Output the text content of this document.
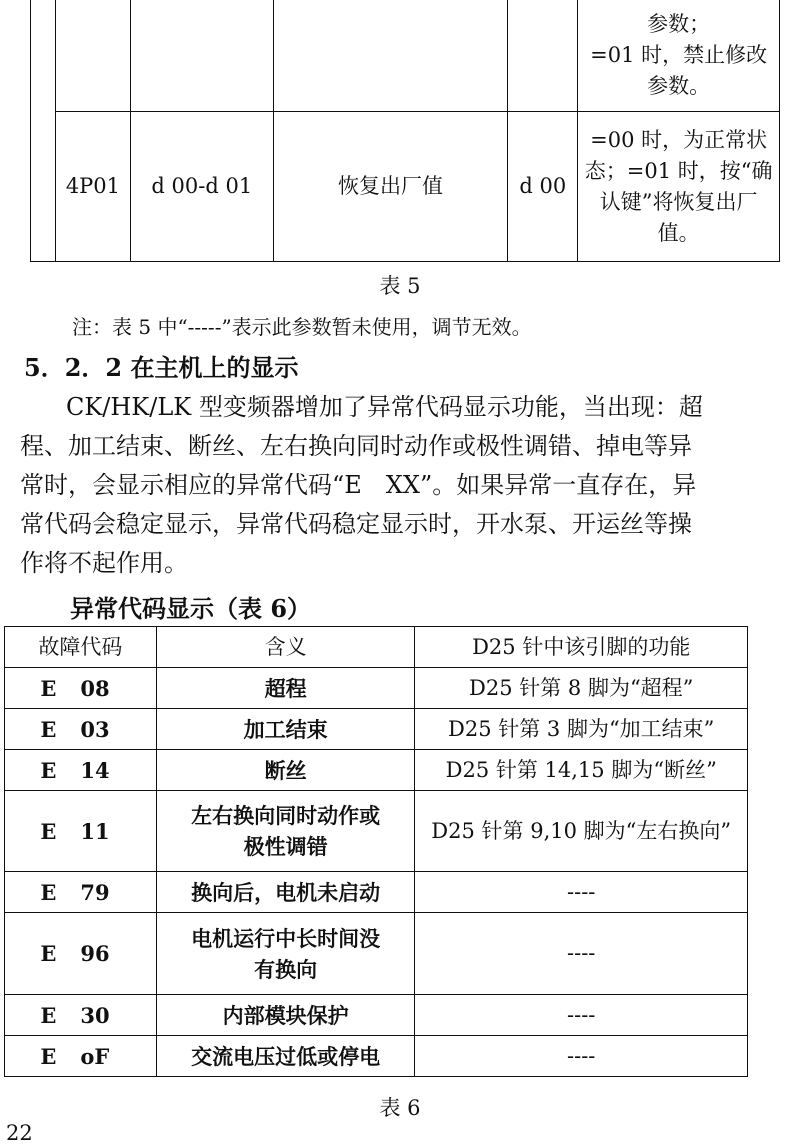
					参数；
=01 时，禁止修改
参数。

	4P01	d 00-d 01	恢复出厂值	d 00	=00 时，为正常状
态；=01 时，按“确
认键”将恢复出厂
值。
表 5
注：表 5 中“-----”表示此参数暂未使用，调节无效。
5．2．2 在主机上的显示
CK/HK/LK 型变频器增加了异常代码显示功能，当出现：超
程、加工结束、断丝、左右换向同时动作或极性调错、掉电等异
常时，会显示相应的异常代码“E　XX”。如果异常一直存在，异
常代码会稳定显示，异常代码稳定显示时，开水泵、开运丝等操
作将不起作用。
异常代码显示（表 6）
故障代码	含义	D25 针中该引脚的功能
E 08	超程	D25 针第 8 脚为“超程”
E 03	加工结束	D25 针第 3 脚为“加工结束”
E 14	断丝	D25 针第 14,15 脚为“断丝”
E 11	左右换向同时动作或
极性调错	D25 针第 9,10 脚为“左右换向”
E 79	换向后，电机未启动	----
E 96	电机运行中长时间没
有换向	----
E 30	内部模块保护	----
E oF	交流电压过低或停电	----
表 6
22
